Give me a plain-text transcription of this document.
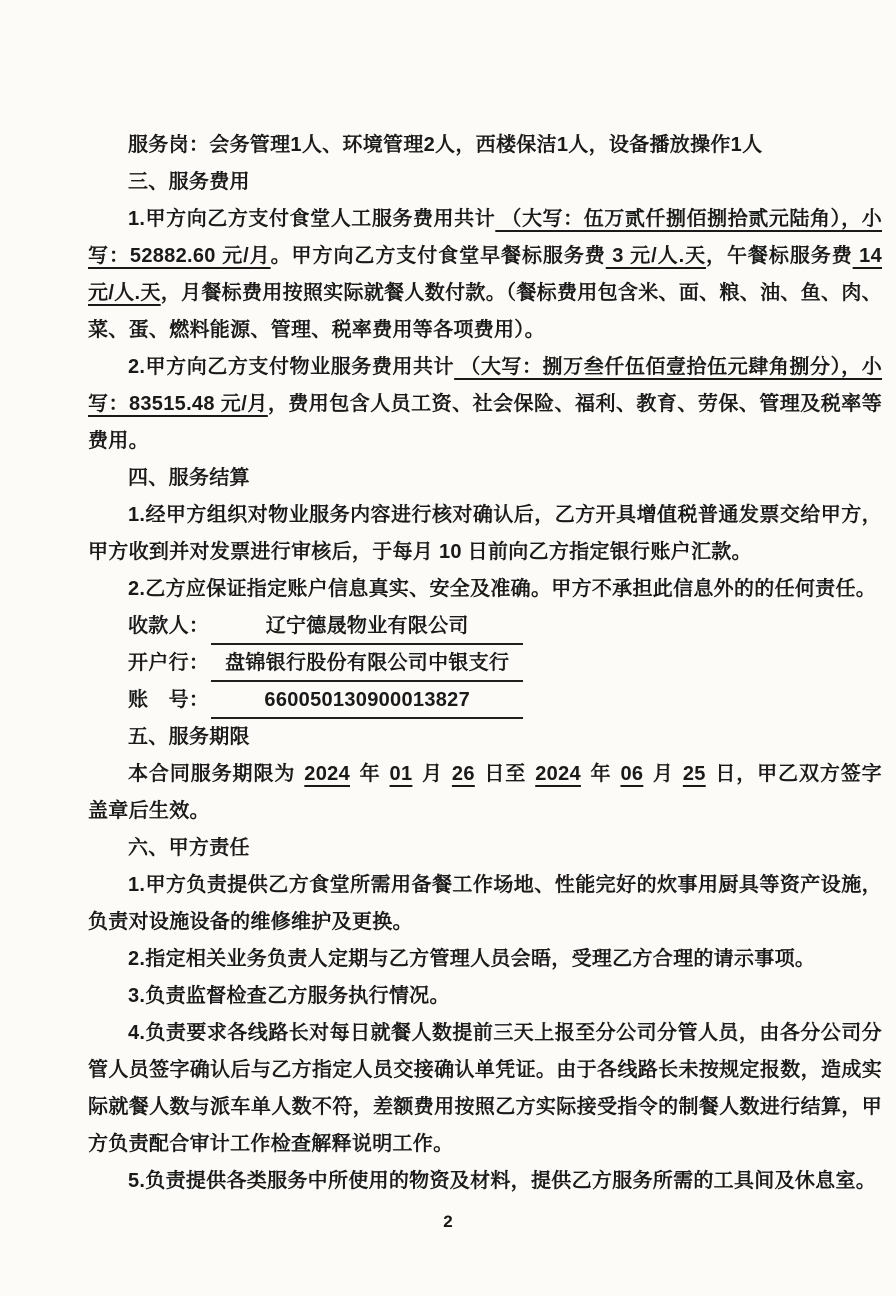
服务岗：会务管理1人、环境管理2人，西楼保洁1人，设备播放操作1人

三、服务费用

1.甲方向乙方支付食堂人工服务费用共计 （大写：伍万贰仟捌佰捌拾贰元陆角），小写：52882.60 元/月。甲方向乙方支付食堂早餐标服务费 3 元/人.天，午餐标服务费 14 元/人.天，月餐标费用按照实际就餐人数付款。（餐标费用包含米、面、粮、油、鱼、肉、菜、蛋、燃料能源、管理、税率费用等各项费用）。

2.甲方向乙方支付物业服务费用共计 （大写：捌万叁仟伍佰壹拾伍元肆角捌分），小写：83515.48 元/月，费用包含人员工资、社会保险、福利、教育、劳保、管理及税率等费用。

四、服务结算

1.经甲方组织对物业服务内容进行核对确认后，乙方开具增值税普通发票交给甲方，甲方收到并对发票进行审核后，于每月 10 日前向乙方指定银行账户汇款。

2.乙方应保证指定账户信息真实、安全及准确。甲方不承担此信息外的的任何责任。

收款人：	辽宁德晟物业有限公司

开户行： 盘锦银行股份有限公司中银支行

账　号：	660050130900013827

五、服务期限

本合同服务期限为 2024 年 01 月 26 日至 2024 年 06 月 25 日，甲乙双方签字盖章后生效。

六、甲方责任

1.甲方负责提供乙方食堂所需用备餐工作场地、性能完好的炊事用厨具等资产设施，负责对设施设备的维修维护及更换。

2.指定相关业务负责人定期与乙方管理人员会晤，受理乙方合理的请示事项。

3.负责监督检查乙方服务执行情况。

4.负责要求各线路长对每日就餐人数提前三天上报至分公司分管人员，由各分公司分管人员签字确认后与乙方指定人员交接确认单凭证。由于各线路长未按规定报数，造成实际就餐人数与派车单人数不符，差额费用按照乙方实际接受指令的制餐人数进行结算，甲方负责配合审计工作检查解释说明工作。

5.负责提供各类服务中所使用的物资及材料，提供乙方服务所需的工具间及休息室。

2
